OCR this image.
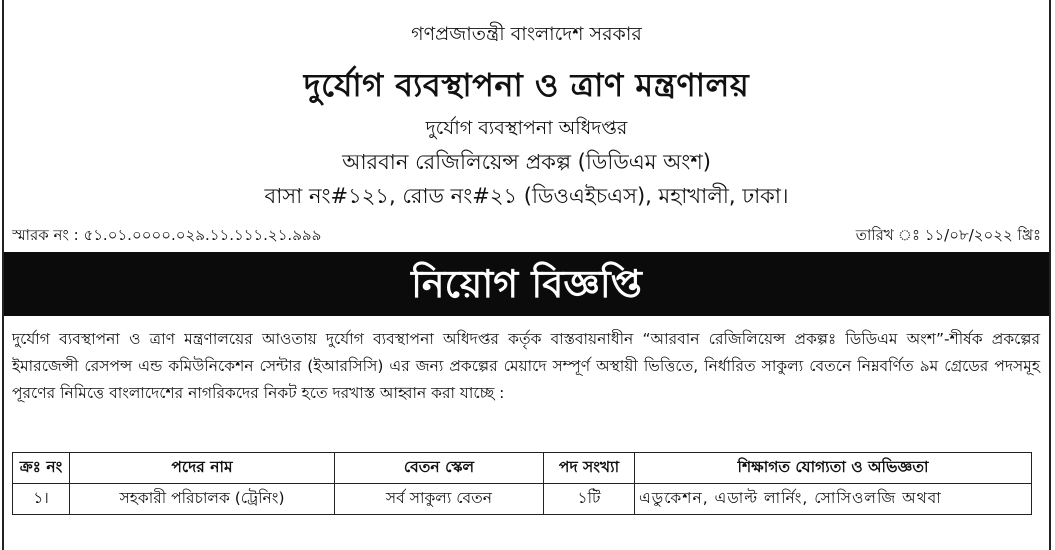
গণপ্রজাতন্ত্রী বাংলাদেশ সরকার
দুর্যোগ ব্যবস্থাপনা ও ত্রাণ মন্ত্রণালয়
দুর্যোগ ব্যবস্থাপনা অধিদপ্তর
আরবান রেজিলিয়েন্স প্রকল্প (ডিডিএম অংশ)
বাসা নং#১২১, রোড নং#২১ (ডিওএইচএস), মহাখালী, ঢাকা।
স্মারক নং : ৫১.০১.০০০০.০২৯.১১.১১১.২১.৯৯৯	তারিখ ঃ ১১/০৮/২০২২ খ্রিঃ
নিয়োগ বিজ্ঞপ্তি
দুর্যোগ ব্যবস্থাপনা ও ত্রাণ মন্ত্রণালয়ের আওতায় দুর্যোগ ব্যবস্থাপনা অধিদপ্তর কর্তৃক বাস্তবায়নাধীন “আরবান রেজিলিয়েন্স প্রকল্পঃ ডিডিএম অংশ”-শীর্ষক প্রকল্পের ইমারজেন্সী রেসপন্স এন্ড কমিউনিকেশন সেন্টার (ইআরসিসি) এর জন্য প্রকল্পের মেয়াদে সম্পূর্ণ অস্থায়ী ভিত্তিতে, নির্ধারিত সাকুল্য বেতনে নিম্নবর্ণিত ৯ম গ্রেডের পদসমূহ পূরণের নিমিত্তে বাংলাদেশের নাগরিকদের নিকট হতে দরখাস্ত আহ্বান করা যাচ্ছে :
ক্রঃ নং	পদের নাম	বেতন স্কেল	পদ সংখ্যা	শিক্ষাগত যোগ্যতা ও অভিজ্ঞতা
১।	সহকারী পরিচালক (ট্রেনিং)	সর্ব সাকুল্য বেতন	১টি	এডুকেশন, এডাল্ট লার্নিং, সোসিওলজি অথবা
